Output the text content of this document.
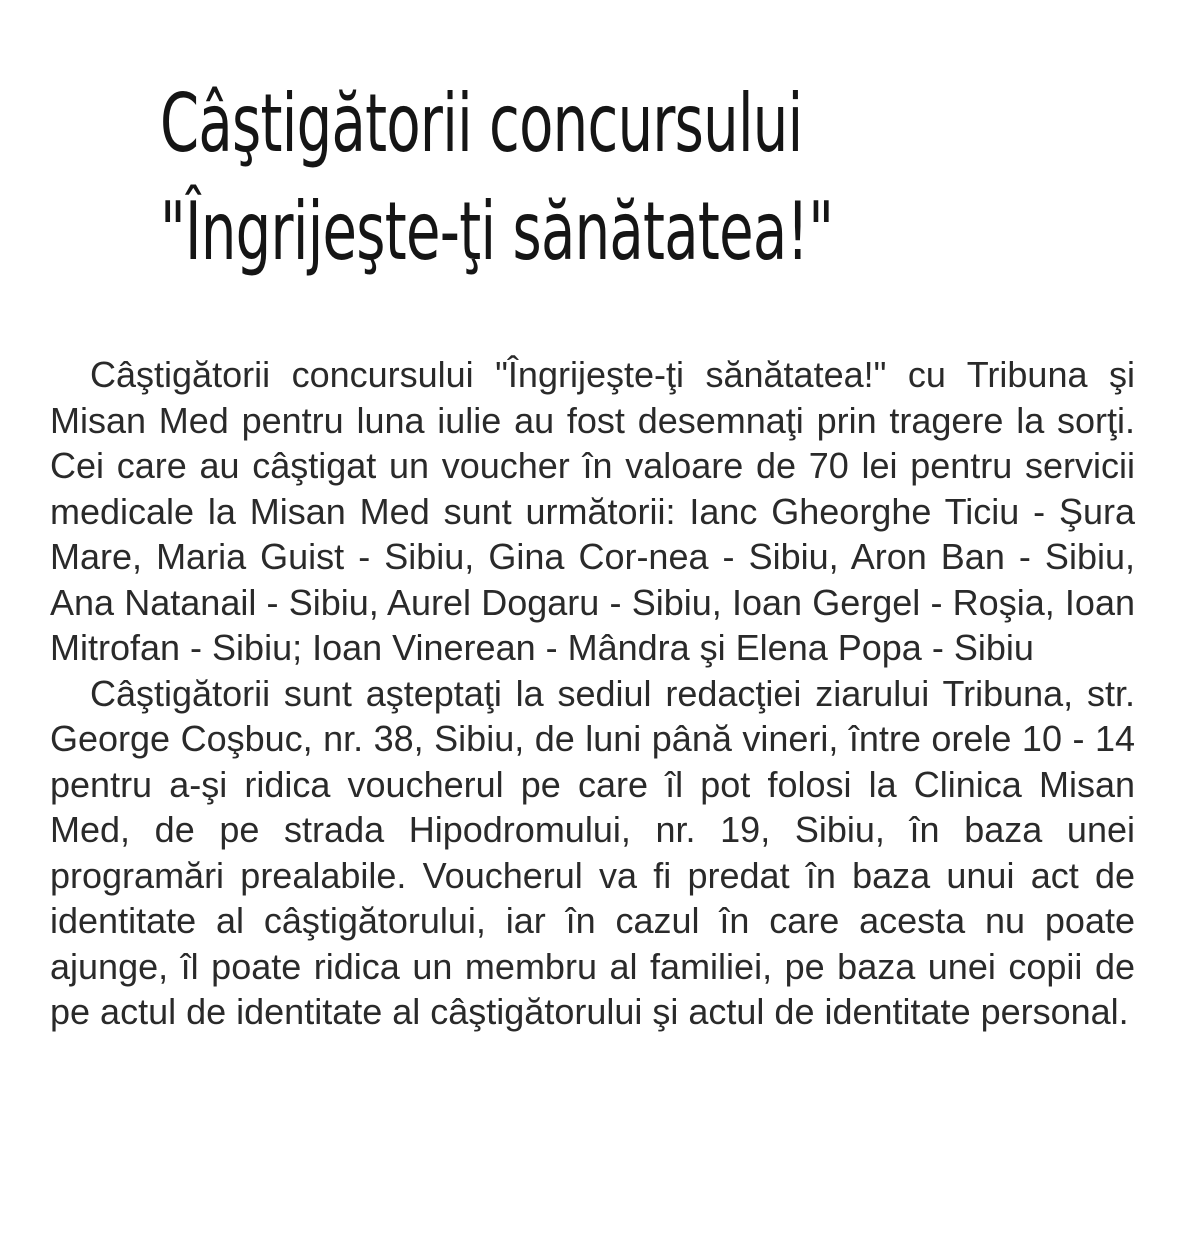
Câştigătorii concursului
"Îngrijeşte-ţi sănătatea!"

Câştigătorii concursului "Îngrijeşte-ţi sănătatea!" cu Tribuna şi Misan Med pentru luna iulie au fost desemnaţi prin tragere la sorţi. Cei care au câştigat un voucher în valoare de 70 lei pentru servicii medicale la Misan Med sunt următorii: Ianc Gheorghe Ticiu - Şura Mare, Maria Guist - Sibiu, Gina Cor-nea - Sibiu, Aron Ban - Sibiu, Ana Natanail - Sibiu, Aurel Dogaru - Sibiu, Ioan Gergel - Roşia, Ioan Mitrofan - Sibiu; Ioan Vinerean - Mândra şi Elena Popa - Sibiu

Câştigătorii sunt aşteptaţi la sediul redacţiei ziarului Tribuna, str. George Coşbuc, nr. 38, Sibiu, de luni până vineri, între orele 10 - 14 pentru a-şi ridica voucherul pe care îl pot folosi la Clinica Misan Med, de pe strada Hipodromului, nr. 19, Sibiu, în baza unei programări prealabile. Voucherul va fi predat în baza unui act de identitate al câştigătorului, iar în cazul în care acesta nu poate ajunge, îl poate ridica un membru al familiei, pe baza unei copii de pe actul de identitate al câştigătorului şi actul de identitate personal.
